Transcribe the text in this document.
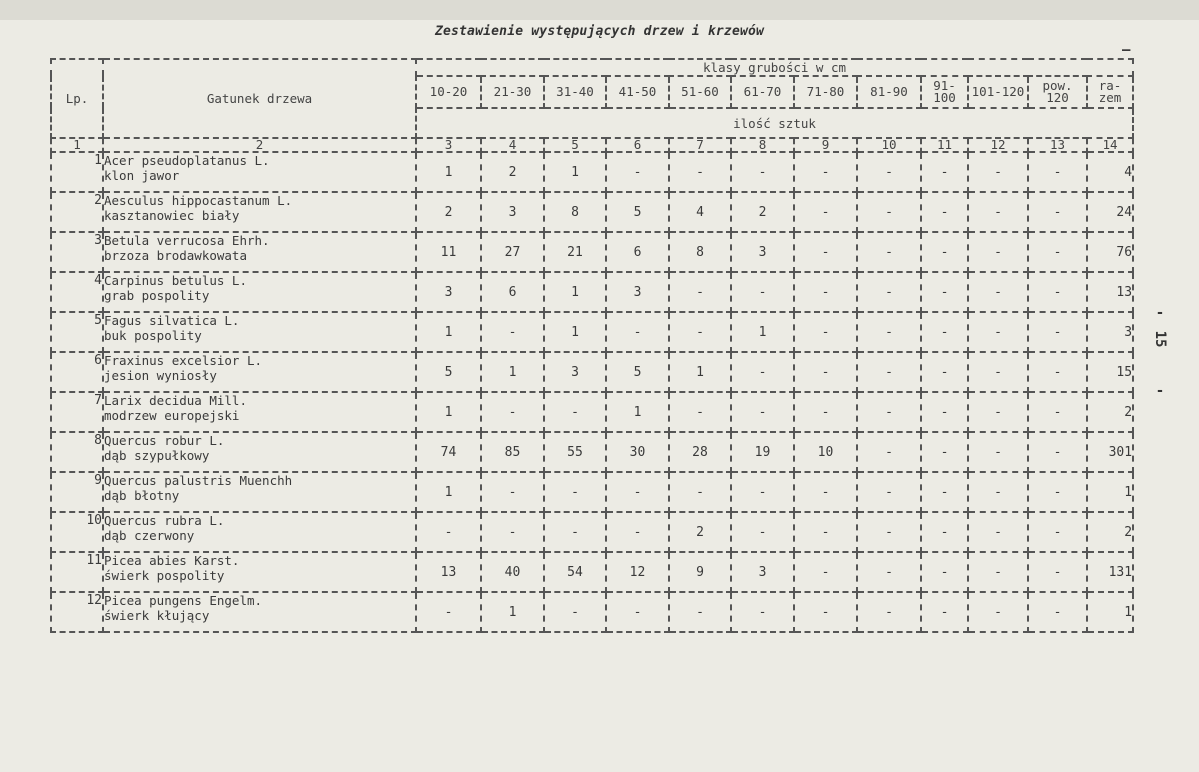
Zestawienie występujących drzew i krzewów
–
Lp.	Gatunek drzewa	klasy grubości w cm											
		10-20	21-30	31-40	41-50	51-60	61-70	71-80	81-90	91-100	101-120	pow. 120	ra-zem
		ilość sztuk											
1	2	3	4	5	6	7	8	9	10	11	12	13	14
1	Acer pseudoplatanus L.
klon jawor	1	2	1	-	-	-	-	-	-	-	-	4
2	Aesculus hippocastanum L.
kasztanowiec biały	2	3	8	5	4	2	-	-	-	-	-	24
3	Betula verrucosa Ehrh.
brzoza brodawkowata	11	27	21	6	8	3	-	-	-	-	-	76
4	Carpinus betulus L.
grab pospolity	3	6	1	3	-	-	-	-	-	-	-	13
5	Fagus silvatica L.
buk pospolity	1	-	1	-	-	1	-	-	-	-	-	3
6	Fraxinus excelsior L.
jesion wyniosły	5	1	3	5	1	-	-	-	-	-	-	15
7	Larix decidua Mill.
modrzew europejski	1	-	-	1	-	-	-	-	-	-	-	2
8	Quercus robur L.
dąb szypułkowy	74	85	55	30	28	19	10	-	-	-	-	301
9	Quercus palustris Muenchh
dąb błotny	1	-	-	-	-	-	-	-	-	-	-	1
10	Quercus rubra L.
dąb czerwony	-	-	-	-	2	-	-	-	-	-	-	2
11	Picea abies Karst.
świerk pospolity	13	40	54	12	9	3	-	-	-	-	-	131
12	Picea pungens Engelm.
świerk kłujący	-	1	-	-	-	-	-	-	-	-	-	1
-

15

-
